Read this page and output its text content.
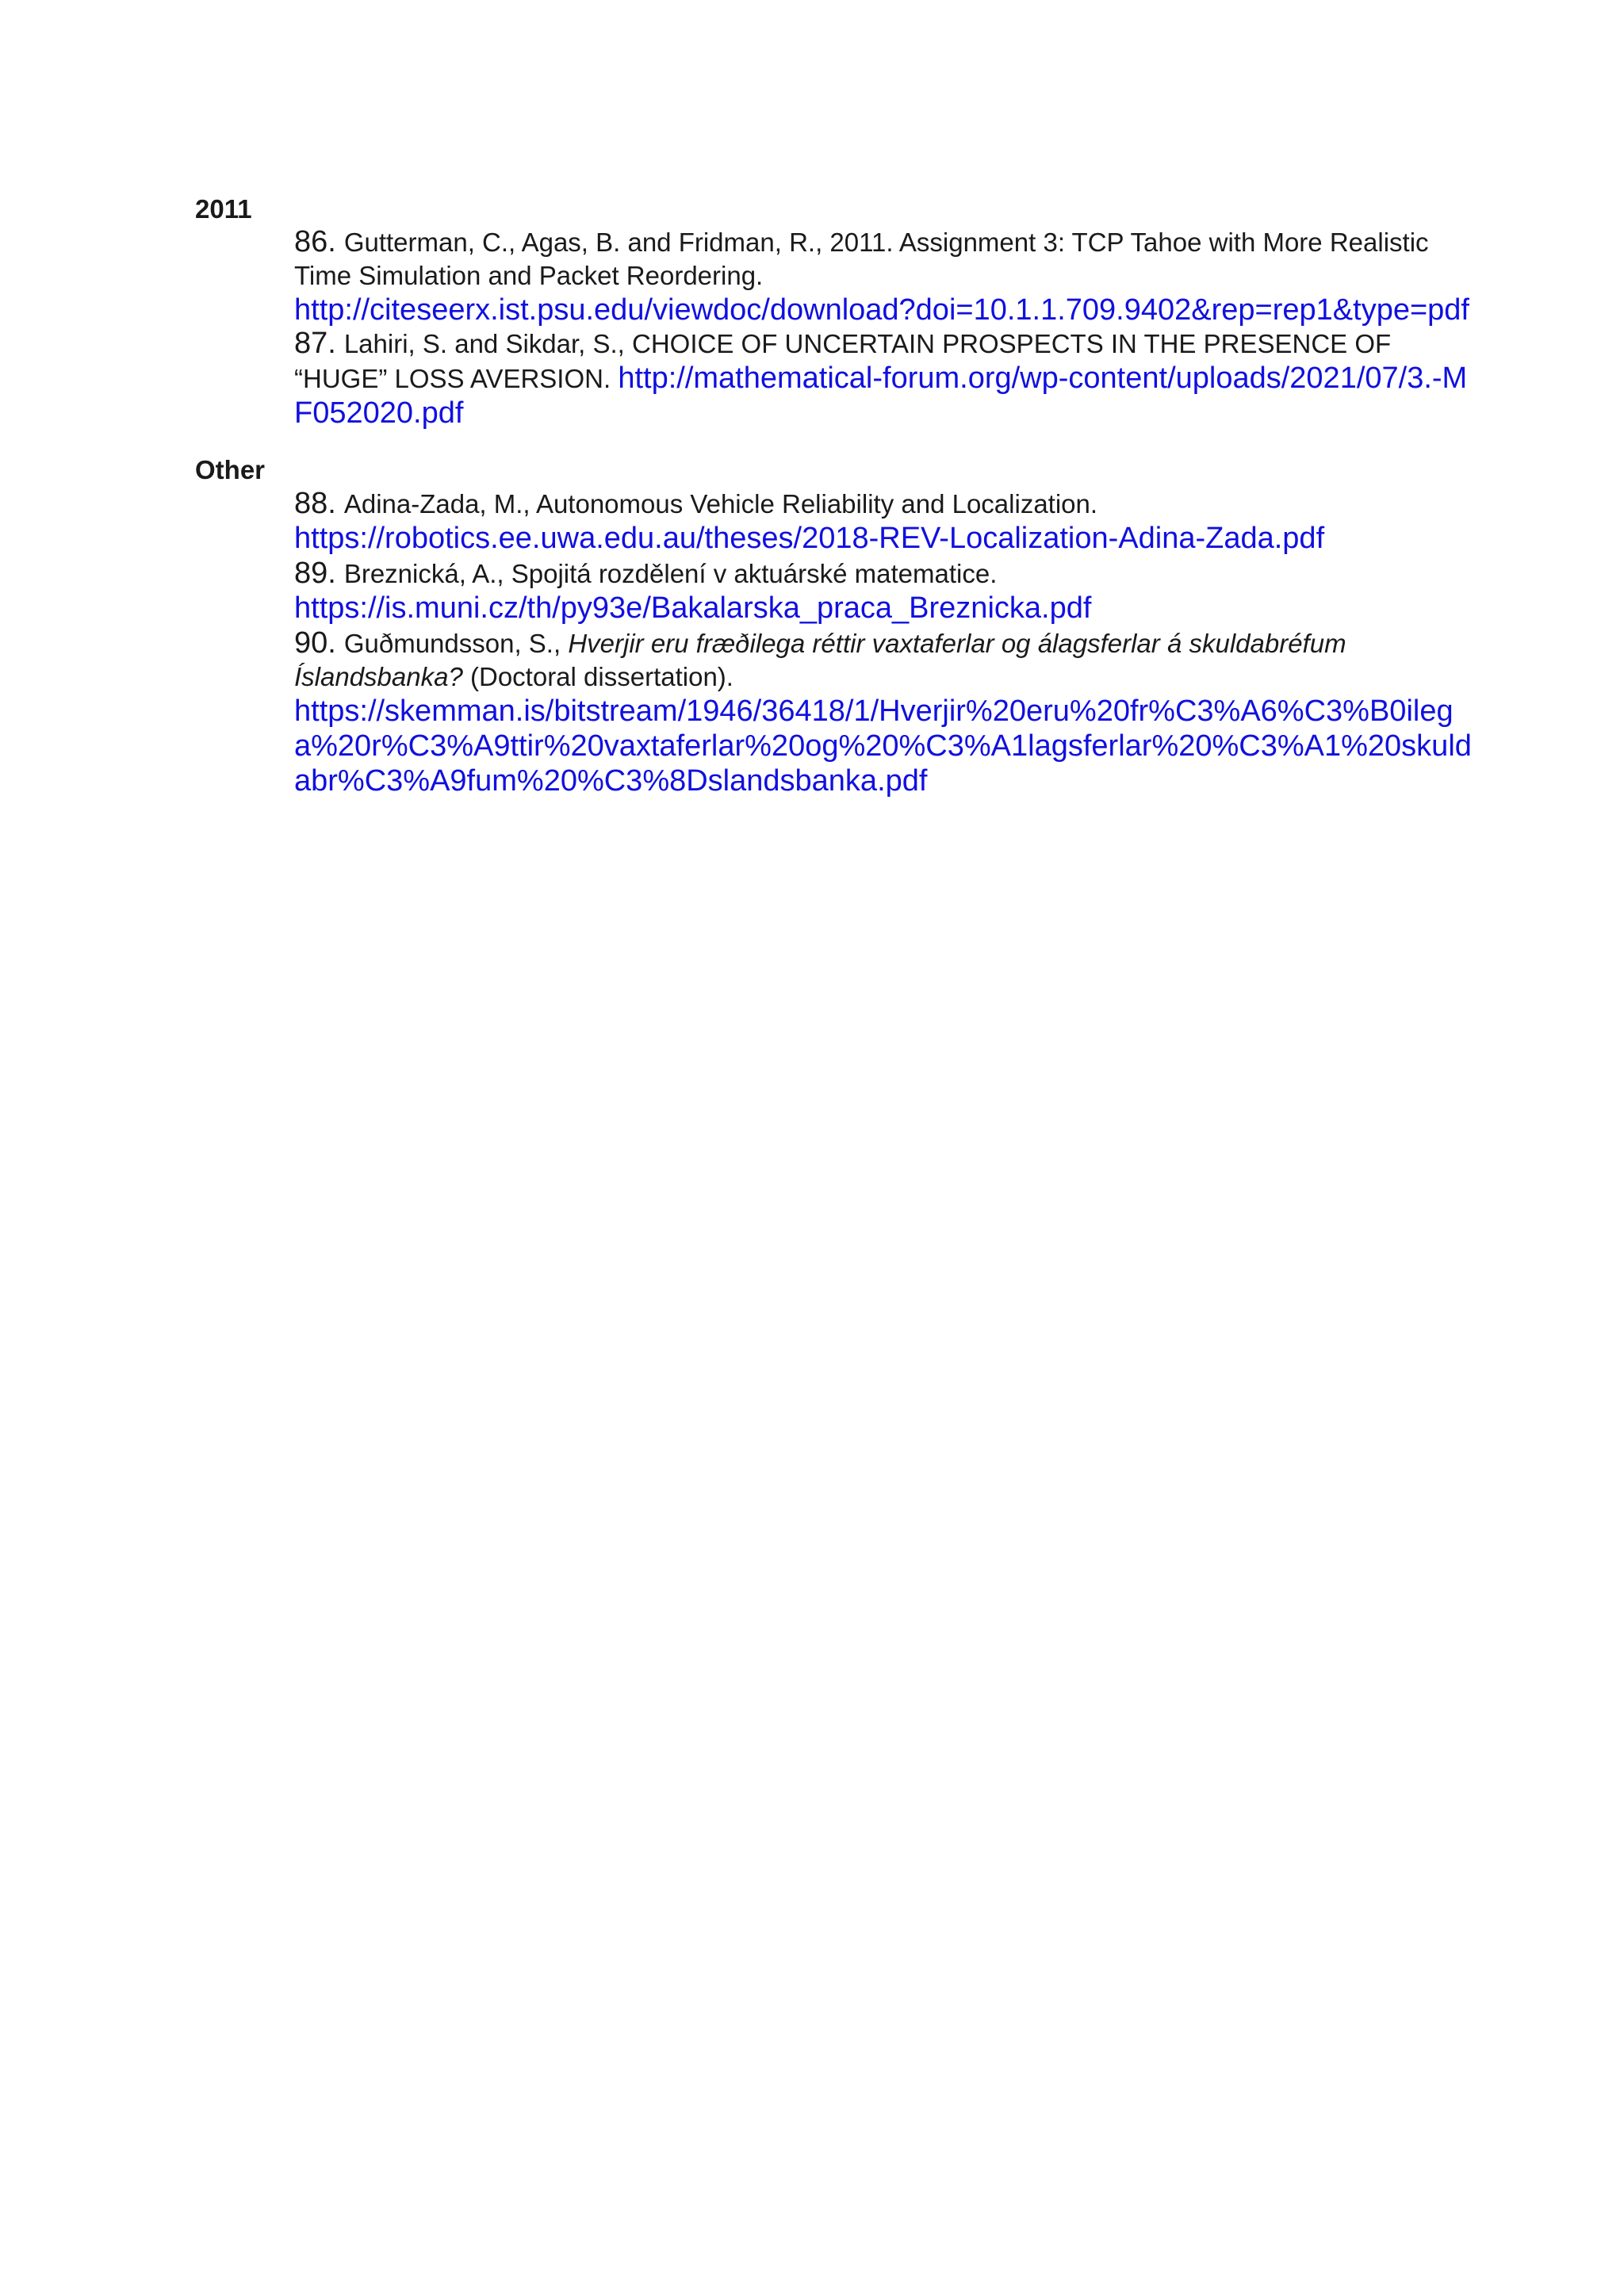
2011
86. Gutterman, C., Agas, B. and Fridman, R., 2011. Assignment 3: TCP Tahoe with More Realistic Time Simulation and Packet Reordering.
http://citeseerx.ist.psu.edu/viewdoc/download?doi=10.1.1.709.9402&rep=rep1&type=pdf
87. Lahiri, S. and Sikdar, S., CHOICE OF UNCERTAIN PROSPECTS IN THE PRESENCE OF “HUGE” LOSS AVERSION. http://mathematical-forum.org/wp-content/uploads/2021/07/3.-MF052020.pdf
Other
88. Adina-Zada, M., Autonomous Vehicle Reliability and Localization.
https://robotics.ee.uwa.edu.au/theses/2018-REV-Localization-Adina-Zada.pdf
89. Breznická, A., Spojitá rozdělení v aktuárské matematice.
https://is.muni.cz/th/py93e/Bakalarska_praca_Breznicka.pdf
90. Guðmundsson, S., Hverjir eru fræðilega réttir vaxtaferlar og álagsferlar á skuldabréfum Íslandsbanka? (Doctoral dissertation).
https://skemman.is/bitstream/1946/36418/1/Hverjir%20eru%20fr%C3%A6%C3%B0ilega%20r%C3%A9ttir%20vaxtaferlar%20og%20%C3%A1lagsferlar%20%C3%A1%20skuldabr%C3%A9fum%20%C3%8Dslandsbanka.pdf
